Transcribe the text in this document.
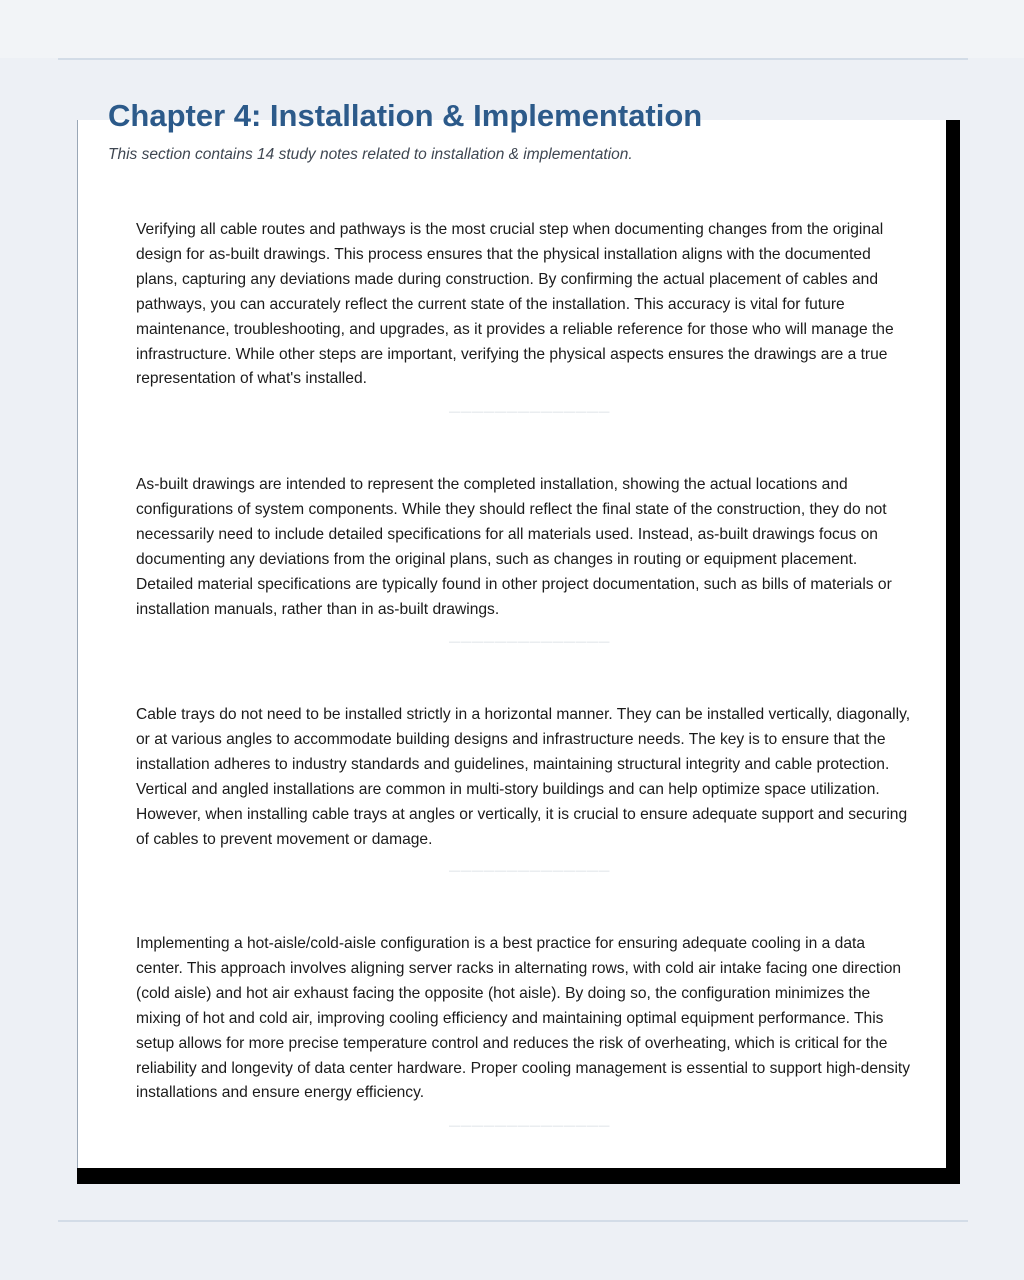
Chapter 4: Installation & Implementation

This section contains 14 study notes related to installation & implementation.

Verifying all cable routes and pathways is the most crucial step when documenting changes from the original design for as-built drawings. This process ensures that the physical installation aligns with the documented plans, capturing any deviations made during construction. By confirming the actual placement of cables and pathways, you can accurately reflect the current state of the installation. This accuracy is vital for future maintenance, troubleshooting, and upgrades, as it provides a reliable reference for those who will manage the infrastructure. While other steps are important, verifying the physical aspects ensures the drawings are a true representation of what's installed.

——————————————

As-built drawings are intended to represent the completed installation, showing the actual locations and configurations of system components. While they should reflect the final state of the construction, they do not necessarily need to include detailed specifications for all materials used. Instead, as-built drawings focus on documenting any deviations from the original plans, such as changes in routing or equipment placement. Detailed material specifications are typically found in other project documentation, such as bills of materials or installation manuals, rather than in as-built drawings.

——————————————

Cable trays do not need to be installed strictly in a horizontal manner. They can be installed vertically, diagonally, or at various angles to accommodate building designs and infrastructure needs. The key is to ensure that the installation adheres to industry standards and guidelines, maintaining structural integrity and cable protection. Vertical and angled installations are common in multi-story buildings and can help optimize space utilization. However, when installing cable trays at angles or vertically, it is crucial to ensure adequate support and securing of cables to prevent movement or damage.

——————————————

Implementing a hot-aisle/cold-aisle configuration is a best practice for ensuring adequate cooling in a data center. This approach involves aligning server racks in alternating rows, with cold air intake facing one direction (cold aisle) and hot air exhaust facing the opposite (hot aisle). By doing so, the configuration minimizes the mixing of hot and cold air, improving cooling efficiency and maintaining optimal equipment performance. This setup allows for more precise temperature control and reduces the risk of overheating, which is critical for the reliability and longevity of data center hardware. Proper cooling management is essential to support high-density installations and ensure energy efficiency.

——————————————
